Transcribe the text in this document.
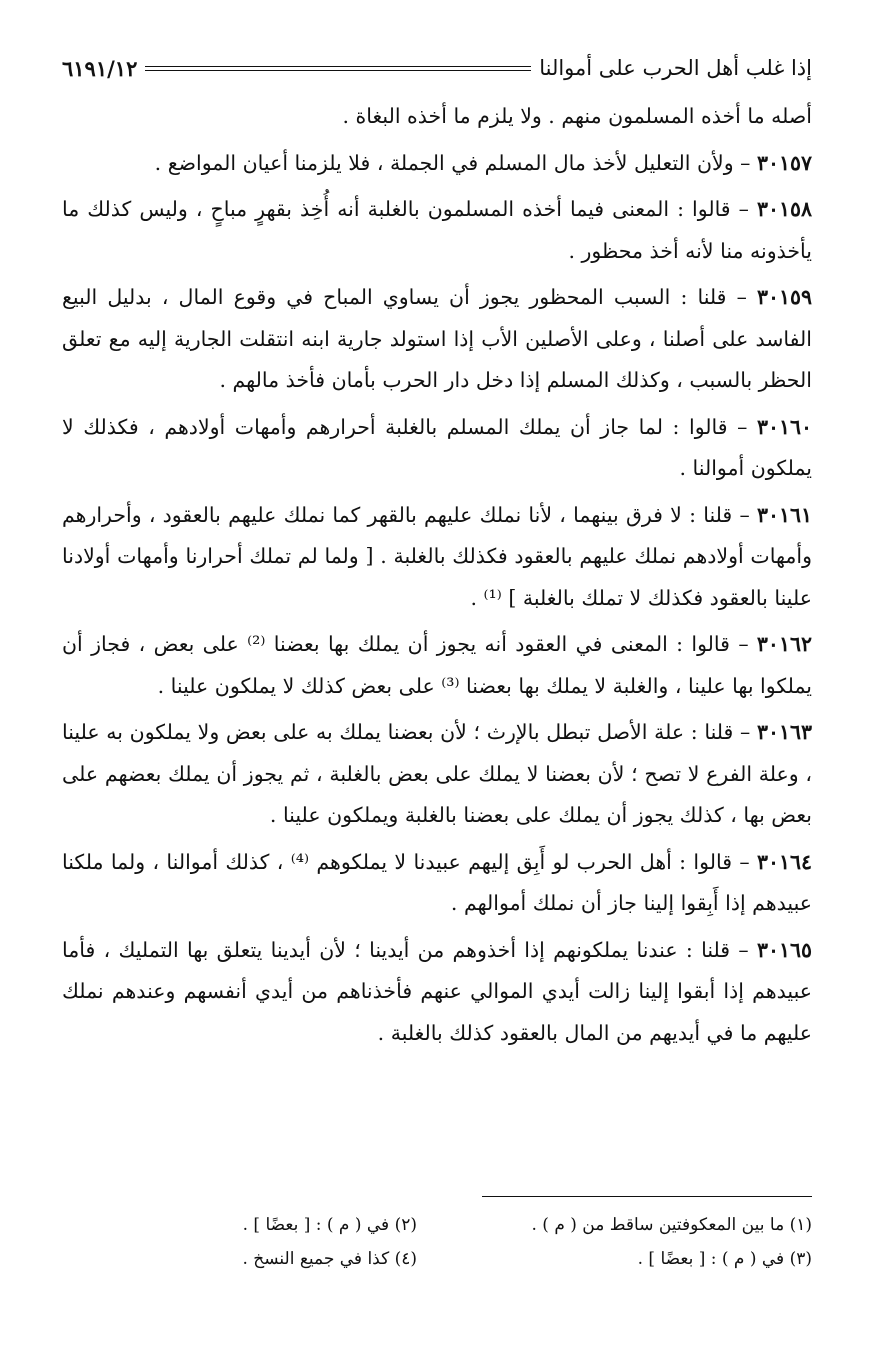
إذا غلب أهل الحرب على أموالنا
٦١٩١/١٢

أصله ما أخذه المسلمون منهم . ولا يلزم ما أخذه البغاة .

٣٠١٥٧ – ولأن التعليل لأخذ مال المسلم في الجملة ، فلا يلزمنا أعيان المواضع .

٣٠١٥٨ – قالوا : المعنى فيما أخذه المسلمون بالغلبة أنه أُخِذ بقهرٍ مباحٍ ، وليس كذلك ما يأخذونه منا لأنه أخذ محظور .

٣٠١٥٩ – قلنا : السبب المحظور يجوز أن يساوي المباح في وقوع المال ، بدليل البيع الفاسد على أصلنا ، وعلى الأصلين الأب إذا استولد جارية ابنه انتقلت الجارية إليه مع تعلق الحظر بالسبب ، وكذلك المسلم إذا دخل دار الحرب بأمان فأخذ مالهم .

٣٠١٦٠ – قالوا : لما جاز أن يملك المسلم بالغلبة أحرارهم وأمهات أولادهم ، فكذلك لا يملكون أموالنا .

٣٠١٦١ – قلنا : لا فرق بينهما ، لأنا نملك عليهم بالقهر كما نملك عليهم بالعقود ، وأحرارهم وأمهات أولادهم نملك عليهم بالعقود فكذلك بالغلبة . [ ولما لم تملك أحرارنا وأمهات أولادنا علينا بالعقود فكذلك لا تملك بالغلبة ] ⁽¹⁾ .

٣٠١٦٢ – قالوا : المعنى في العقود أنه يجوز أن يملك بها بعضنا ⁽²⁾ على بعض ، فجاز أن يملكوا بها علينا ، والغلبة لا يملك بها بعضنا ⁽³⁾ على بعض كذلك لا يملكون علينا .

٣٠١٦٣ – قلنا : علة الأصل تبطل بالإرث ؛ لأن بعضنا يملك به على بعض ولا يملكون به علينا ، وعلة الفرع لا تصح ؛ لأن بعضنا لا يملك على بعض بالغلبة ، ثم يجوز أن يملك بعضهم على بعض بها ، كذلك يجوز أن يملك على بعضنا بالغلبة ويملكون علينا .

٣٠١٦٤ – قالوا : أهل الحرب لو أَبِق إليهم عبيدنا لا يملكوهم ⁽⁴⁾ ، كذلك أموالنا ، ولما ملكنا عبيدهم إذا أَبِقوا إلينا جاز أن نملك أموالهم .

٣٠١٦٥ – قلنا : عندنا يملكونهم إذا أخذوهم من أيدينا ؛ لأن أيدينا يتعلق بها التمليك ، فأما عبيدهم إذا أبقوا إلينا زالت أيدي الموالي عنهم فأخذناهم من أيدي أنفسهم وعندهم نملك عليهم ما في أيديهم من المال بالعقود كذلك بالغلبة .

(١) ما بين المعكوفتين ساقط من ( م ) .
(٢) في ( م ) : [ بعضًا ] .
(٣) في ( م ) : [ بعضًا ] .
(٤) كذا في جميع النسخ .
